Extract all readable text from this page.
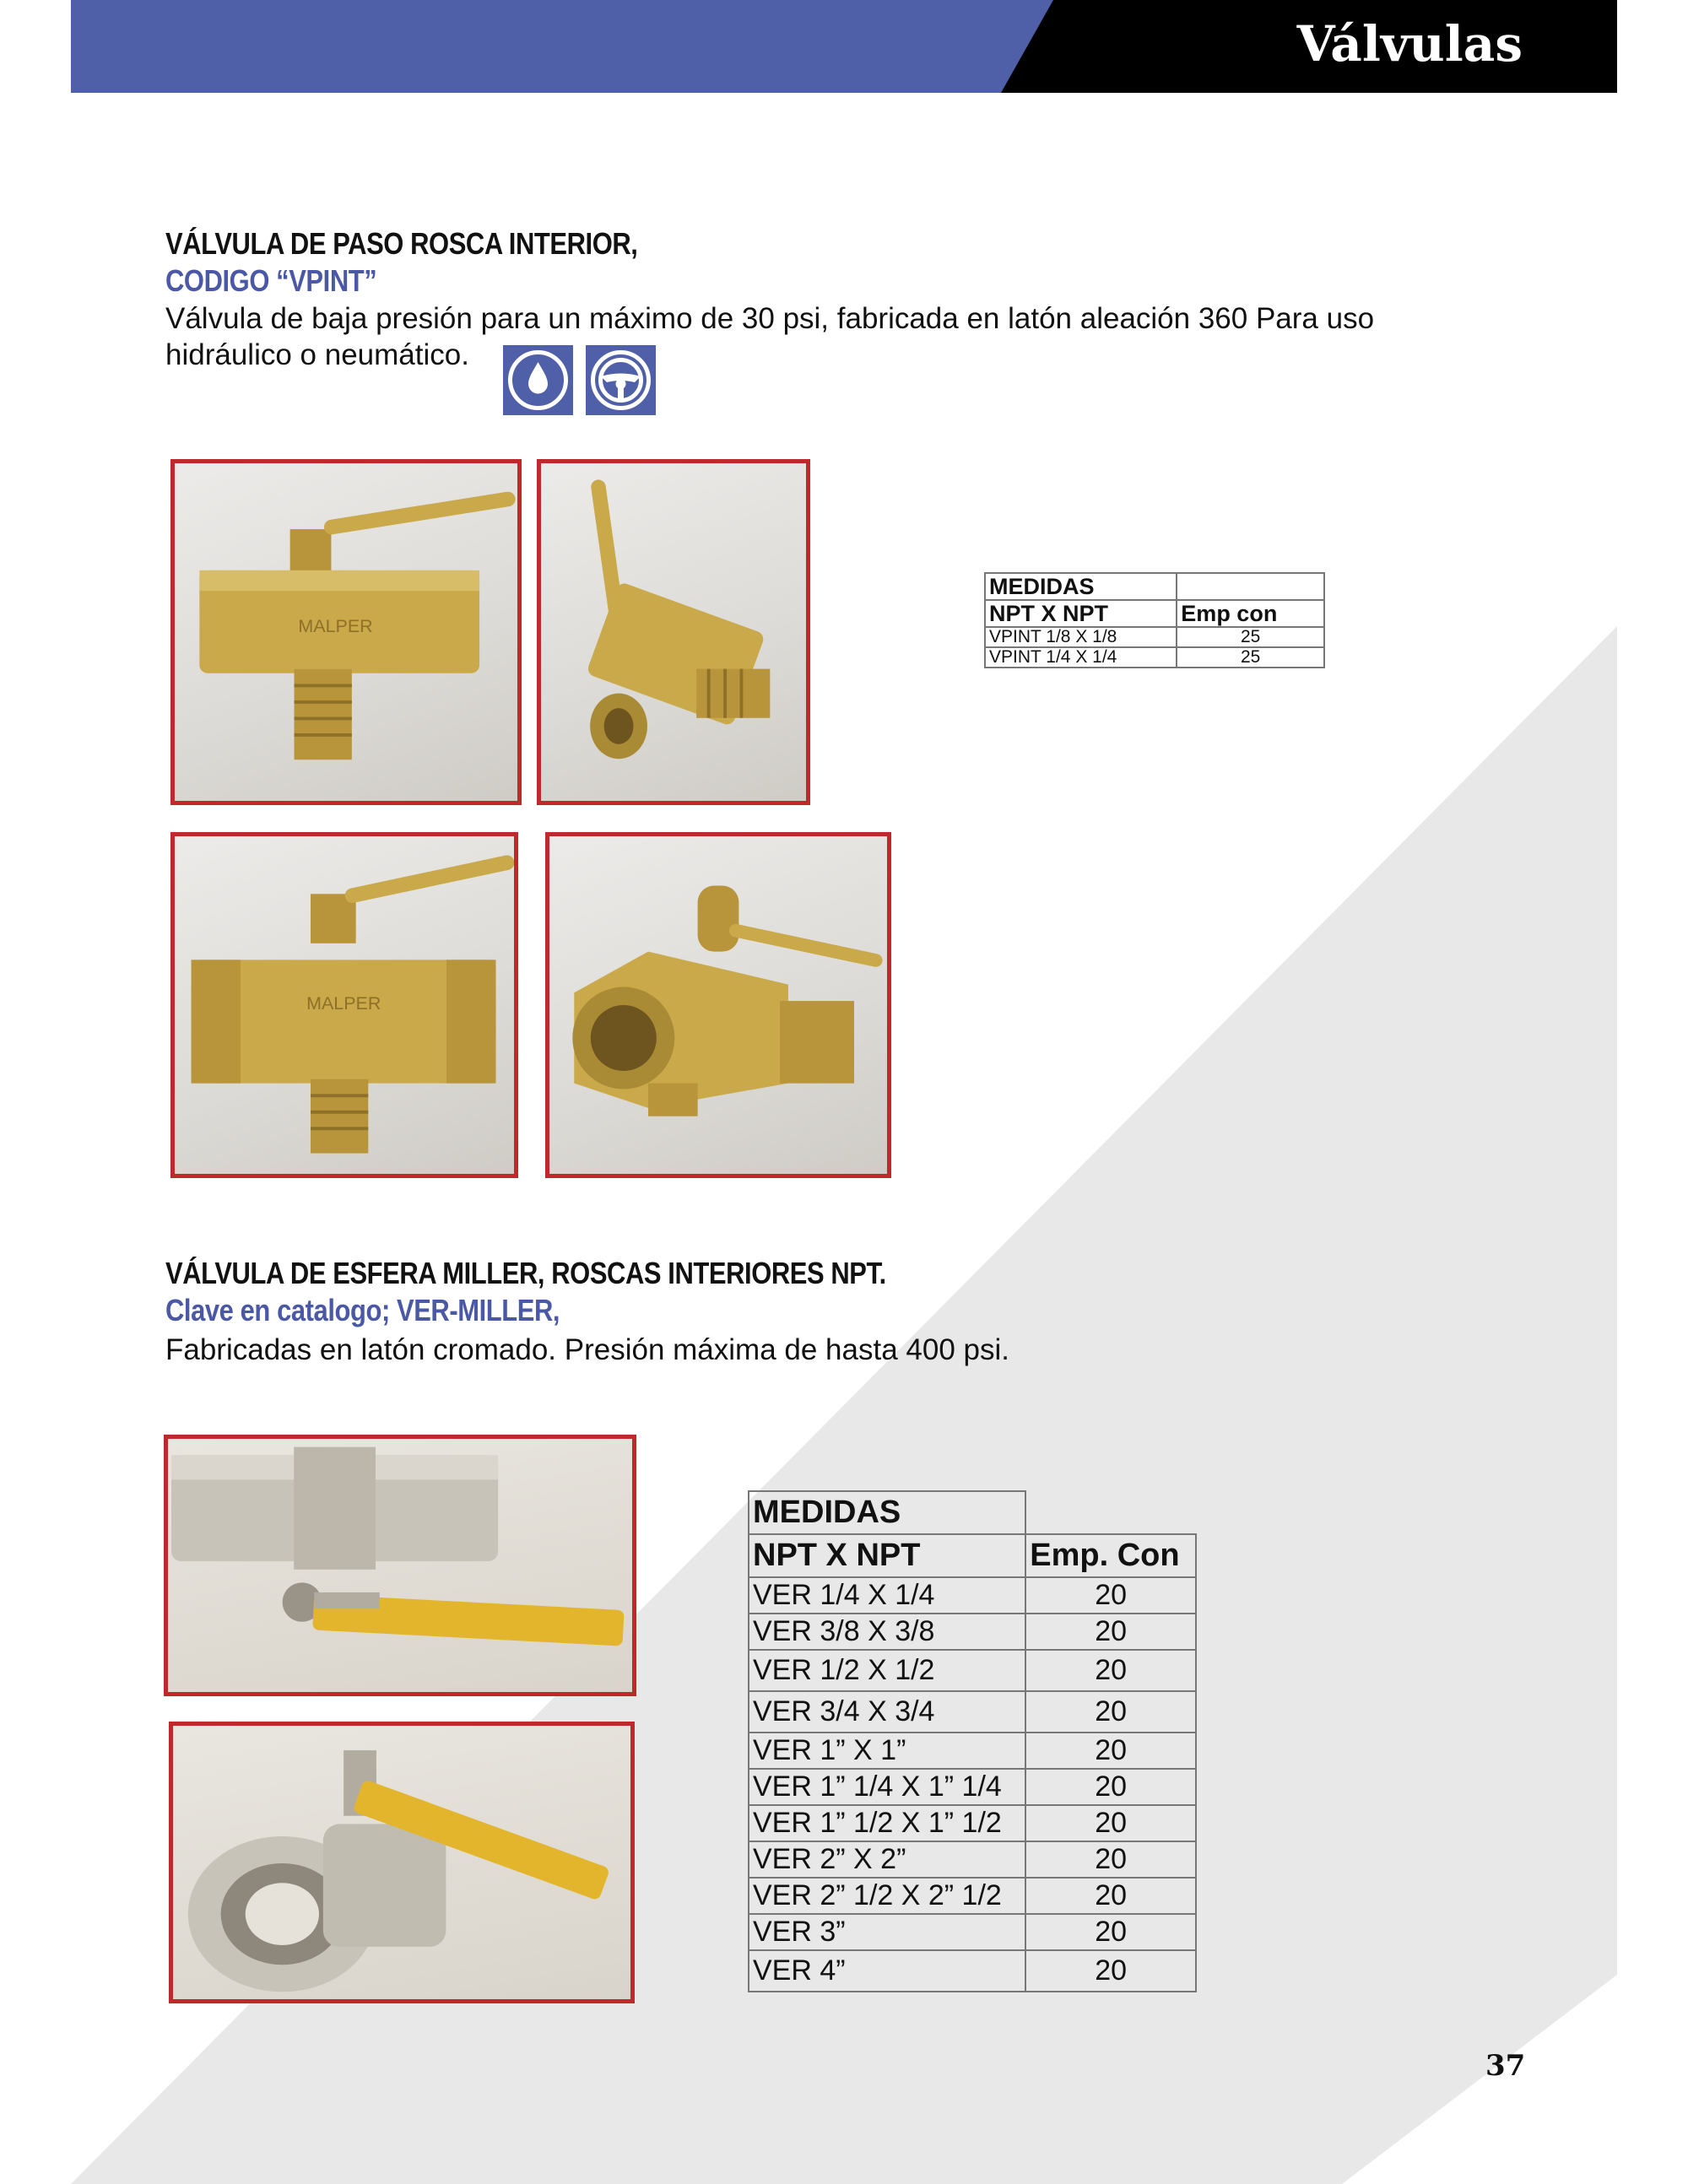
Válvulas
VÁLVULA DE PASO ROSCA INTERIOR,
CODIGO “VPINT”
Válvula de baja presión para un máximo de 30 psi, fabricada en latón aleación 360 Para uso
hidráulico o neumático.
MALPER
MALPER
MEDIDAS	
NPT X NPT	Emp con
VPINT 1/8 X 1/8	25
VPINT 1/4 X 1/4	25
VÁLVULA DE ESFERA MILLER, ROSCAS INTERIORES NPT.
Clave en catalogo; VER-MILLER,
Fabricadas en latón cromado. Presión máxima de hasta 400 psi.
MEDIDAS	
NPT X NPT	Emp. Con
VER 1/4 X 1/4	20
VER 3/8 X 3/8	20
VER 1/2 X 1/2	20
VER 3/4 X 3/4	20
VER 1” X 1”	20
VER 1” 1/4 X 1” 1/4	20
VER 1” 1/2 X 1” 1/2	20
VER 2” X 2”	20
VER 2” 1/2 X 2” 1/2	20
VER 3”	20
VER 4”	20
37
